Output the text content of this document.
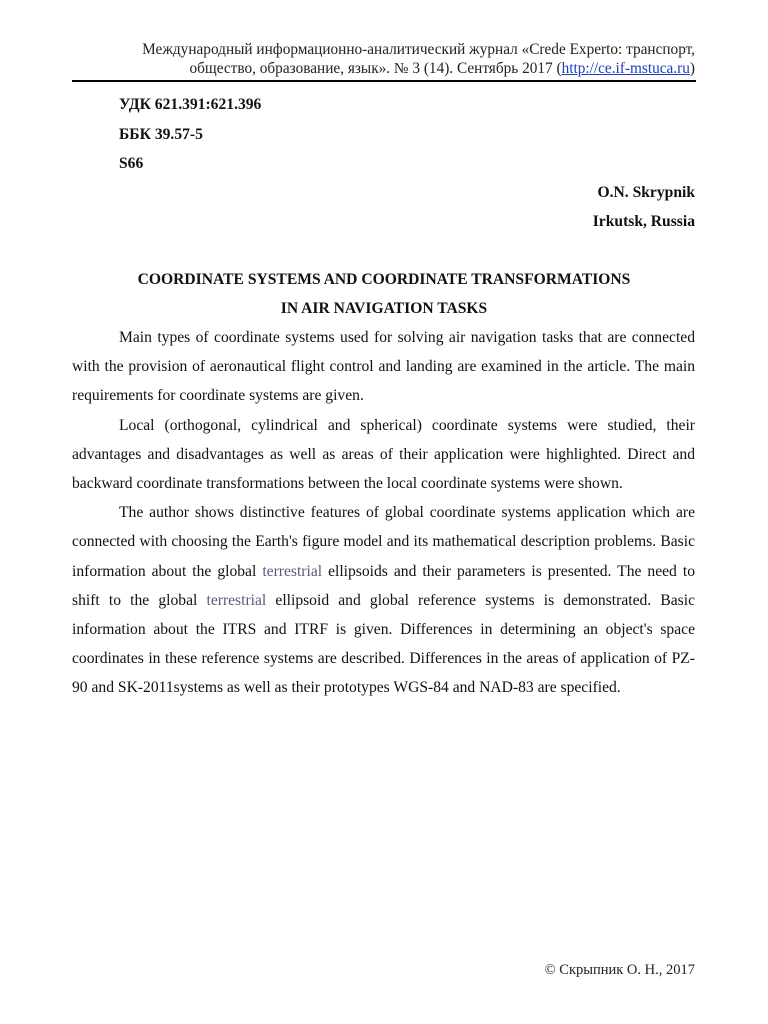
Международный информационно-аналитический журнал «Crede Experto: транспорт,
общество, образование, язык». № 3 (14). Сентябрь 2017 (http://ce.if-mstuca.ru)
УДК 621.391:621.396
ББК 39.57-5
S66
O.N. Skrypnik
Irkutsk, Russia
COORDINATE SYSTEMS AND COORDINATE TRANSFORMATIONS
IN AIR NAVIGATION TASKS

Main types of coordinate systems used for solving air navigation tasks that are connected with the provision of aeronautical flight control and landing are examined in the article. The main requirements for coordinate systems are given.

Local (orthogonal, cylindrical and spherical) coordinate systems were studied, their advantages and disadvantages as well as areas of their application were highlighted. Direct and backward coordinate transformations between the local coordinate systems were shown.

The author shows distinctive features of global coordinate systems application which are connected with choosing the Earth's figure model and its mathematical description problems. Basic information about the global terrestrial ellipsoids and their parameters is presented. The need to shift to the global terrestrial ellipsoid and global reference systems is demonstrated. Basic information about the ITRS and ITRF is given. Differences in determining an object's space coordinates in these reference systems are described. Differences in the areas of application of PZ-90 and SK-2011systems as well as their prototypes WGS-84 and NAD-83 are specified.

© Скрыпник О. Н., 2017
